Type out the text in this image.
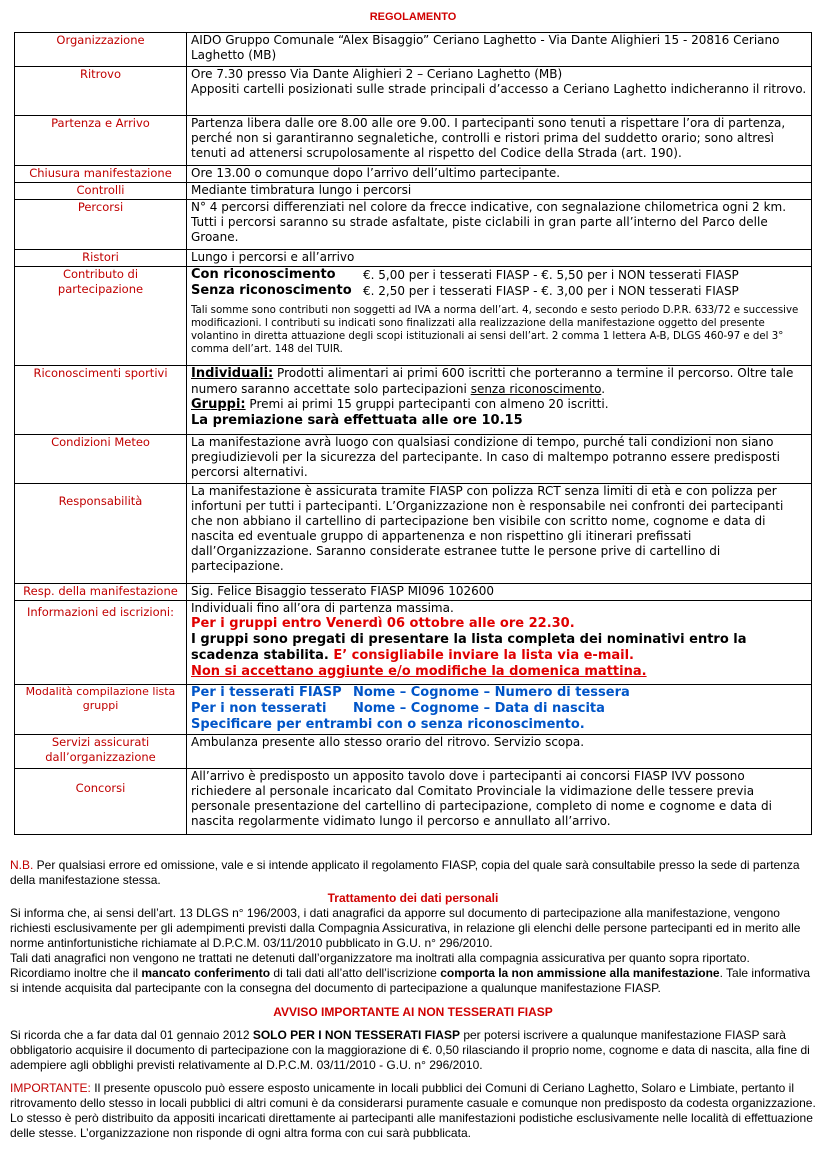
REGOLAMENTO
Organizzazione	AIDO Gruppo Comunale “Alex Bisaggio” Ceriano Laghetto - Via Dante Alighieri 15 - 20816 Ceriano Laghetto (MB)
Ritrovo	Ore 7.30 presso Via Dante Alighieri 2 – Ceriano Laghetto (MB)
Appositi cartelli posizionati sulle strade principali d’accesso a Ceriano Laghetto indicheranno il ritrovo.

Partenza e Arrivo	Partenza libera dalle ore 8.00 alle ore 9.00. I partecipanti sono tenuti a rispettare l’ora di partenza, perché non si garantiranno segnaletiche, controlli e ristori prima del suddetto orario; sono altresì tenuti ad attenersi scrupolosamente al rispetto del Codice della Strada (art. 190).
Chiusura manifestazione	Ore 13.00 o comunque dopo l’arrivo dell’ultimo partecipante.
Controlli	Mediante timbratura lungo i percorsi
Percorsi	N° 4 percorsi differenziati nel colore da frecce indicative, con segnalazione chilometrica ogni 2 km. Tutti i percorsi saranno su strade asfaltate, piste ciclabili in gran parte all’interno del Parco delle Groane.
Ristori	Lungo i percorsi e all’arrivo
Contributo di partecipazione	Con riconoscimento €. 5,00 per i tesserati FIASP - €. 5,50 per i NON tesserati FIASP
Senza riconoscimento €. 2,50 per i tesserati FIASP - €. 3,00 per i NON tesserati FIASP
Tali somme sono contributi non soggetti ad IVA a norma dell’art. 4, secondo e sesto periodo D.P.R. 633/72 e successive modificazioni. I contributi su indicati sono finalizzati alla realizzazione della manifestazione oggetto del presente volantino in diretta attuazione degli scopi istituzionali ai sensi dell’art. 2 comma 1 lettera A-B, DLGS 460-97 e del 3° comma dell’art. 148 del TUIR.

Riconoscimenti sportivi	Individuali: Prodotti alimentari ai primi 600 iscritti che porteranno a termine il percorso. Oltre tale numero saranno accettate solo partecipazioni senza riconoscimento.
Gruppi: Premi ai primi 15 gruppi partecipanti con almeno 20 iscritti.
La premiazione sarà effettuata alle ore 10.15

Condizioni Meteo	La manifestazione avrà luogo con qualsiasi condizione di tempo, purché tali condizioni non siano pregiudizievoli per la sicurezza del partecipante. In caso di maltempo potranno essere predisposti percorsi alternativi.
Responsabilità	La manifestazione è assicurata tramite FIASP con polizza RCT senza limiti di età e con polizza per infortuni per tutti i partecipanti. L’Organizzazione non è responsabile nei confronti dei partecipanti che non abbiano il cartellino di partecipazione ben visibile con scritto nome, cognome e data di nascita ed eventuale gruppo di appartenenza e non rispettino gli itinerari prefissati dall’Organizzazione. Saranno considerate estranee tutte le persone prive di cartellino di partecipazione.
Resp. della manifestazione	Sig. Felice Bisaggio tesserato FIASP MI096 102600
Informazioni ed iscrizioni:	Individuali fino all’ora di partenza massima.
Per i gruppi entro Venerdì 06 ottobre alle ore 22.30.
I gruppi sono pregati di presentare la lista completa dei nominativi entro la scadenza stabilita. E’ consigliabile inviare la lista via e-mail.
Non si accettano aggiunte e/o modifiche la domenica mattina.

Modalità compilazione lista gruppi	Per i tesserati FIASP Nome – Cognome – Numero di tessera
Per i non tesserati Nome – Cognome – Data di nascita
Specificare per entrambi con o senza riconoscimento.

Servizi assicurati dall’organizzazione	Ambulanza presente allo stesso orario del ritrovo. Servizio scopa.
Concorsi	All’arrivo è predisposto un apposito tavolo dove i partecipanti ai concorsi FIASP IVV possono richiedere al personale incaricato dal Comitato Provinciale la vidimazione delle tessere previa personale presentazione del cartellino di partecipazione, completo di nome e cognome e data di nascita regolarmente vidimato lungo il percorso e annullato all’arrivo.
N.B. Per qualsiasi errore ed omissione, vale e si intende applicato il regolamento FIASP, copia del quale sarà consultabile presso la sede di partenza della manifestazione stessa.
Trattamento dei dati personali
Si informa che, ai sensi dell’art. 13 DLGS n° 196/2003, i dati anagrafici da apporre sul documento di partecipazione alla manifestazione, vengono richiesti esclusivamente per gli adempimenti previsti dalla Compagnia Assicurativa, in relazione gli elenchi delle persone partecipanti ed in merito alle norme antinfortunistiche richiamate al D.P.C.M. 03/11/2010 pubblicato in G.U. n° 296/2010.
Tali dati anagrafici non vengono ne trattati ne detenuti dall’organizzatore ma inoltrati alla compagnia assicurativa per quanto sopra riportato.
Ricordiamo inoltre che il mancato conferimento di tali dati all’atto dell’iscrizione comporta la non ammissione alla manifestazione. Tale informativa si intende acquisita dal partecipante con la consegna del documento di partecipazione a qualunque manifestazione FIASP.
AVVISO IMPORTANTE AI NON TESSERATI FIASP
Si ricorda che a far data dal 01 gennaio 2012 SOLO PER I NON TESSERATI FIASP per potersi iscrivere a qualunque manifestazione FIASP sarà obbligatorio acquisire il documento di partecipazione con la maggiorazione di €. 0,50 rilasciando il proprio nome, cognome e data di nascita, alla fine di adempiere agli obblighi previsti relativamente al D.P.C.M. 03/11/2010 - G.U. n° 296/2010.
IMPORTANTE: Il presente opuscolo può essere esposto unicamente in locali pubblici dei Comuni di Ceriano Laghetto, Solaro e Limbiate, pertanto il ritrovamento dello stesso in locali pubblici di altri comuni è da considerarsi puramente casuale e comunque non predisposto da codesta organizzazione. Lo stesso è però distribuito da appositi incaricati direttamente ai partecipanti alle manifestazioni podistiche esclusivamente nelle località di effettuazione delle stesse. L’organizzazione non risponde di ogni altra forma con cui sarà pubblicata.
